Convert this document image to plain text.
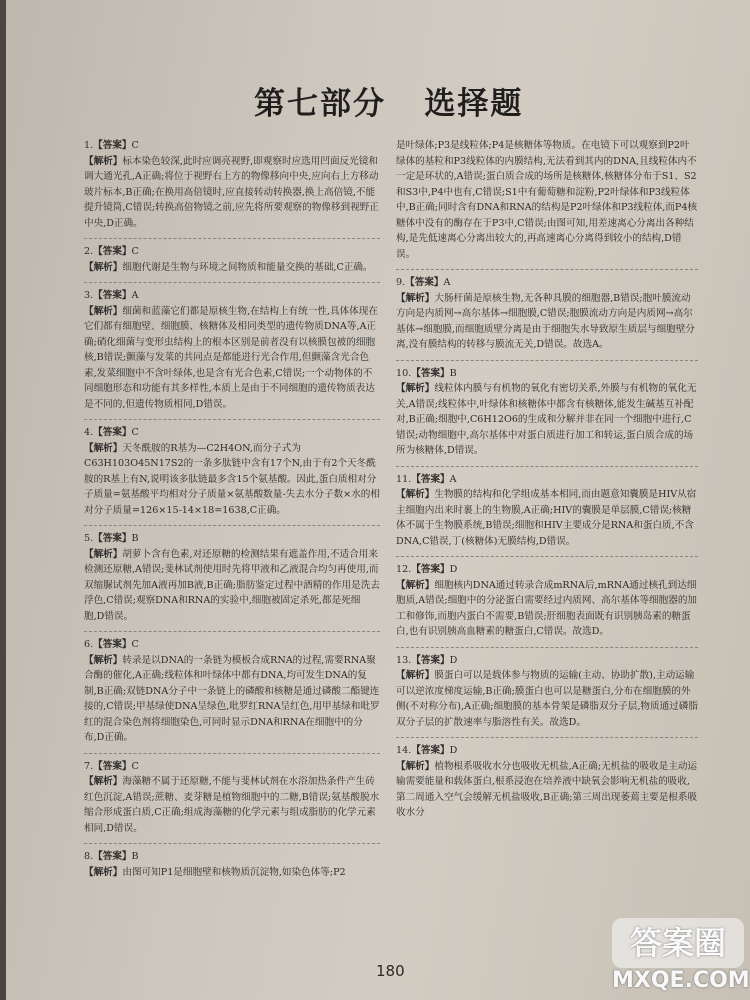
第七部分   选择题
1.【答案】C
【解析】标本染色较深,此时应调亮视野,即观察时应选用凹面反光镜和调大通光孔,A正确;将位于视野右上方的物像移向中央,应向右上方移动玻片标本,B正确;在换用高倍镜时,应直接转动转换器,换上高倍镜,不能提升镜筒,C错误;转换高倍物镜之前,应先将所要观察的物像移到视野正中央,D正确。
2.【答案】C
【解析】细胞代谢是生物与环境之间物质和能量交换的基础,C正确。
3.【答案】A
【解析】细菌和蓝藻它们都是原核生物,在结构上有统一性,具体体现在它们都有细胞壁、细胞膜、核糖体及相同类型的遗传物质DNA等,A正确;硝化细菌与变形虫结构上的根本区别是前者没有以核膜包被的细胞核,B错误;颤藻与发菜的共同点是都能进行光合作用,但颤藻含光合色素,发菜细胞中不含叶绿体,也是含有光合色素,C错误;一个动物体的不同细胞形态和功能有其多样性,本质上是由于不同细胞的遗传物质表达是不同的,但遗传物质相同,D错误。
4.【答案】C
【解析】天冬酰胺的R基为—C2H4ON,而分子式为C63H103O45N17S2的一条多肽链中含有17个N,由于有2个天冬酰胺的R基上有N,说明该多肽链最多含15个氨基酸。因此,蛋白质相对分子质量=氨基酸平均相对分子质量×氨基酸数量-失去水分子数×水的相对分子质量=126×15-14×18=1638,C正确。
5.【答案】B
【解析】胡萝卜含有色素,对还原糖的检测结果有遮盖作用,不适合用来检测还原糖,A错误;斐林试剂使用时先将甲液和乙液混合均匀再使用,而双缩脲试剂先加A液再加B液,B正确;脂肪鉴定过程中酒精的作用是洗去浮色,C错误;观察DNA和RNA的实验中,细胞被固定杀死,都是死细胞,D错误。
6.【答案】C
【解析】转录是以DNA的一条链为模板合成RNA的过程,需要RNA聚合酶的催化,A正确;线粒体和叶绿体中都有DNA,均可发生DNA的复制,B正确;双链DNA分子中一条链上的磷酸和核糖是通过磷酸二酯键连接的,C错误;甲基绿使DNA呈绿色,吡罗红RNA呈红色,用甲基绿和吡罗红的混合染色剂将细胞染色,可同时显示DNA和RNA在细胞中的分布,D正确。
7.【答案】C
【解析】海藻糖不属于还原糖,不能与斐林试剂在水浴加热条件产生砖红色沉淀,A错误;蔗糖、麦芽糖是植物细胞中的二糖,B错误;氨基酸脱水缩合形成蛋白质,C正确;组成海藻糖的化学元素与组成脂肪的化学元素相同,D错误。
8.【答案】B
【解析】由图可知P1是细胞壁和核物质沉淀物,如染色体等;P2
是叶绿体;P3是线粒体;P4是核糖体等物质。在电镜下可以观察到P2叶绿体的基粒和P3线粒体的内膜结构,无法看到其内的DNA,且线粒体内不一定是环状的,A错误;蛋白质合成的场所是核糖体,核糖体分布于S1、S2和S3中,P4中也有,C错误;S1中有葡萄糖和淀粉,P2叶绿体和P3线粒体中,B正确;同时含有DNA和RNA的结构是P2叶绿体和P3线粒体,而P4核糖体中没有的酶存在于P3中,C错误;由图可知,用差速离心分离出各种结构,是先低速离心分离出较大的,再高速离心分离得到较小的结构,D错误。
9.【答案】A
【解析】大肠杆菌是原核生物,无各种具膜的细胞器,B错误;胞叶膜流动方向是内质网→高尔基体→细胞膜,C错误;胞膜流动方向是内质网→高尔基体→细胞膜,而细胞质壁分离是由于细胞失水导致原生质层与细胞壁分离,没有膜结构的转移与膜流无关,D错误。故选A。
10.【答案】B
【解析】线粒体内膜与有机物的氧化有密切关系,外膜与有机物的氧化无关,A错误;线粒体中,叶绿体和核糖体中都含有核糖体,能发生碱基互补配对,B正确;细胞中,C6H12O6的生成和分解并非在同一个细胞中进行,C错误;动物细胞中,高尔基体中对蛋白质进行加工和转运,蛋白质合成的场所为核糖体,D错误。
11.【答案】A
【解析】生物膜的结构和化学组成基本相同,而由题意知囊膜是HIV从宿主细胞内出来时裹上的生物膜,A正确;HIV的囊膜是单层膜,C错误;核糖体不属于生物膜系统,B错误;细胞和HIV主要成分是RNA和蛋白质,不含DNA,C错误,丁(核糖体)无膜结构,D错误。
12.【答案】D
【解析】细胞核内DNA通过转录合成mRNA后,mRNA通过核孔到达细胞质,A错误;细胞中的分泌蛋白需要经过内质网、高尔基体等细胞器的加工和修饰,而胞内蛋白不需要,B错误;肝细胞表面既有识别胰岛素的糖蛋白,也有识别胰高血糖素的糖蛋白,C错误。故选D。
13.【答案】D
【解析】膜蛋白可以是载体参与物质的运输(主动、协助扩散),主动运输可以逆浓度梯度运输,B正确;膜蛋白也可以是糖蛋白,分布在细胞膜的外侧(不对称分布),A正确;细胞膜的基本骨架是磷脂双分子层,物质通过磷脂双分子层的扩散速率与脂溶性有关。故选D。
14.【答案】D
【解析】植物根系吸收水分也吸收无机盐,A正确;无机盐的吸收是主动运输需要能量和载体蛋白,根系浸泡在培养液中缺氧会影响无机盐的吸收,第二周通入空气会缓解无机盐吸收,B正确;第三周出现萎蔫主要是根系吸收水分
180
答案圈
MXQE.COM
